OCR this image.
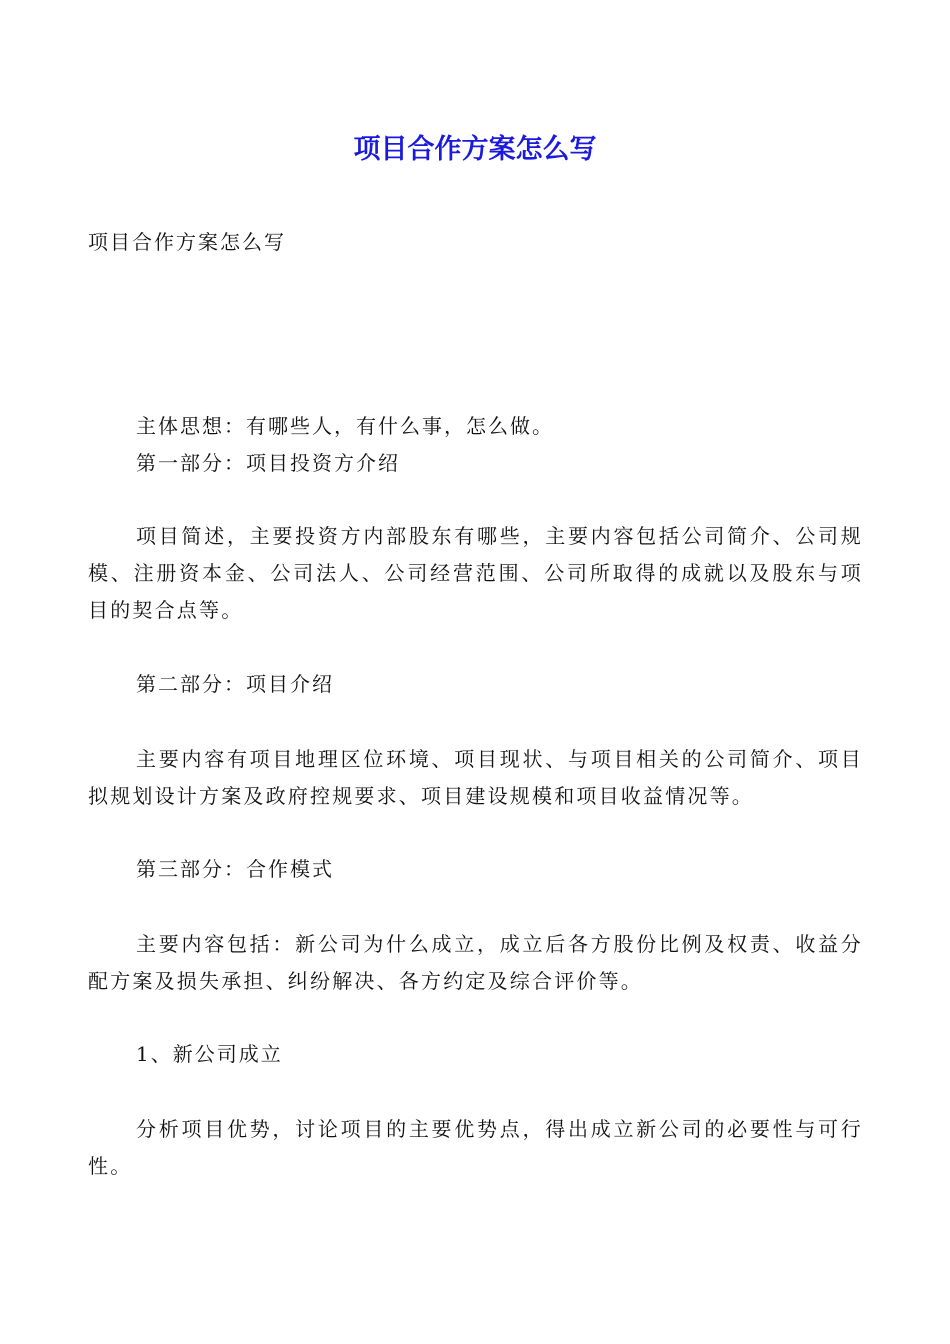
项目合作方案怎么写
项目合作方案怎么写
主体思想：有哪些人，有什么事，怎么做。
第一部分：项目投资方介绍
项目简述，主要投资方内部股东有哪些，主要内容包括公司简介、公司规模、注册资本金、公司法人、公司经营范围、公司所取得的成就以及股东与项目的契合点等。
第二部分：项目介绍
主要内容有项目地理区位环境、项目现状、与项目相关的公司简介、项目拟规划设计方案及政府控规要求、项目建设规模和项目收益情况等。
第三部分：合作模式
主要内容包括：新公司为什么成立，成立后各方股份比例及权责、收益分配方案及损失承担、纠纷解决、各方约定及综合评价等。
1、新公司成立
分析项目优势，讨论项目的主要优势点，得出成立新公司的必要性与可行性。
